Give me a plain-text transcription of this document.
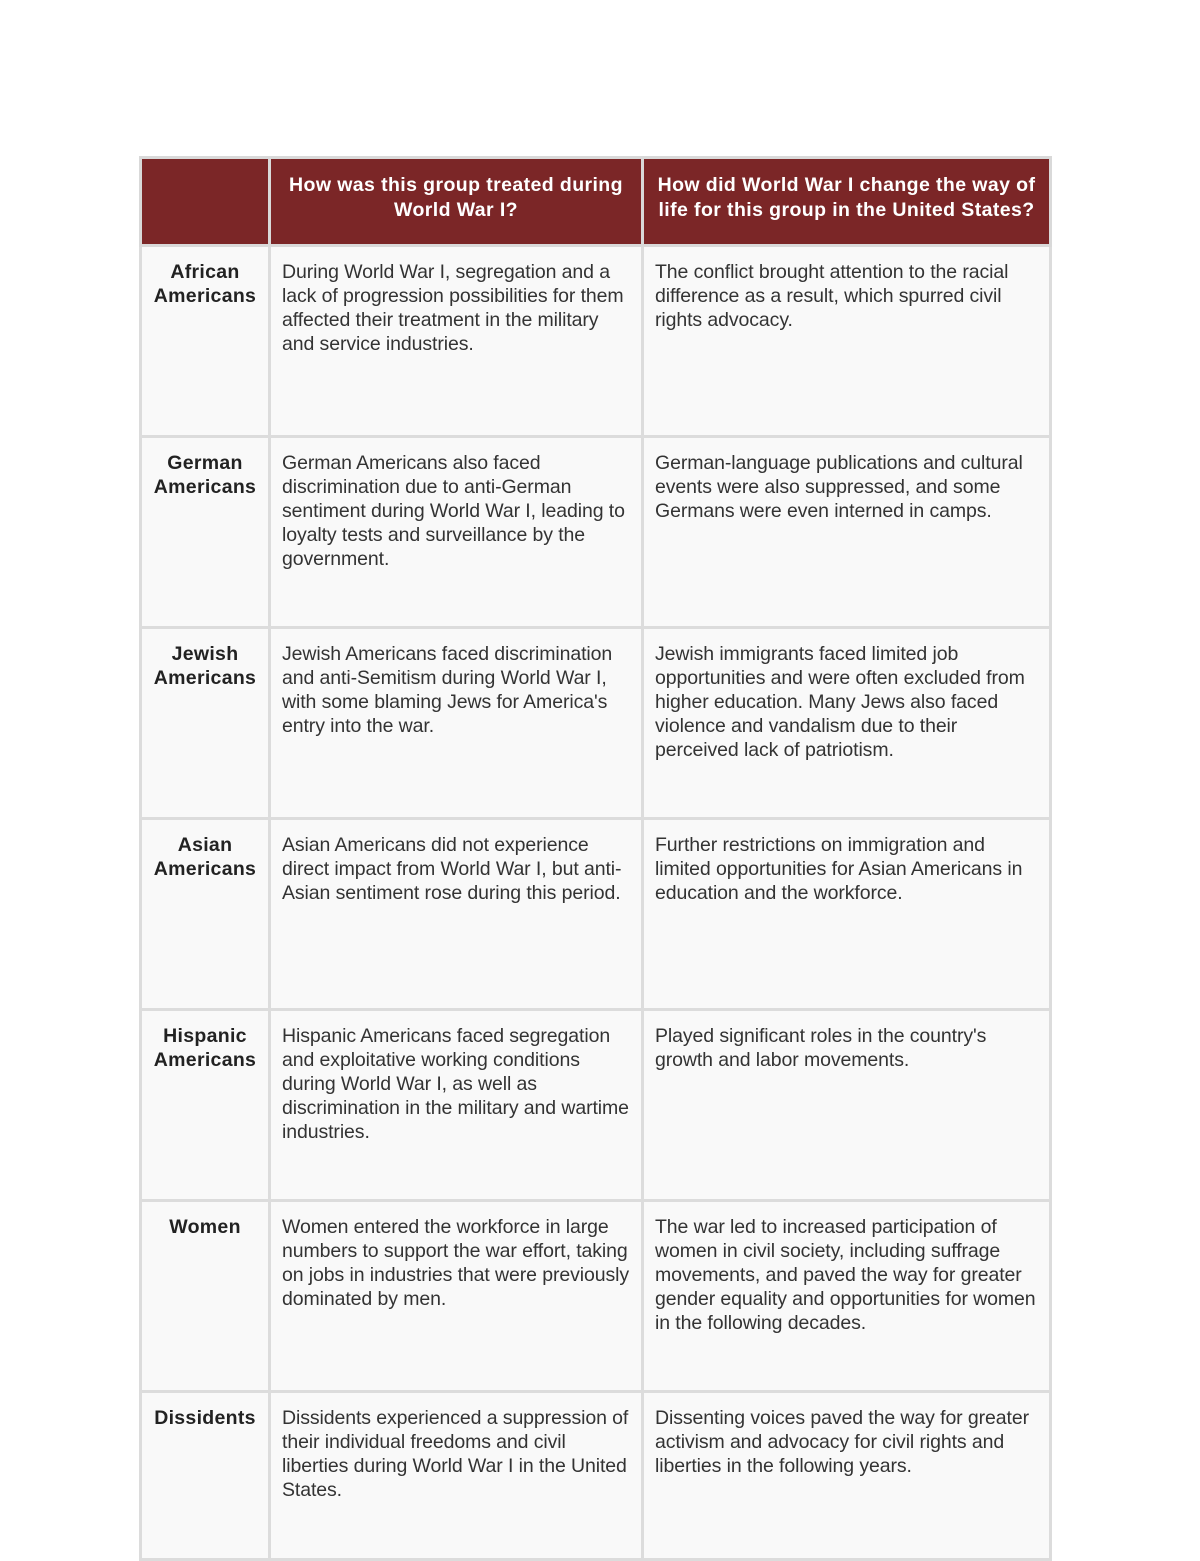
	How was this group treated during World War I?	How did World War I change the way of life for this group in the United States?

African Americans	During World War I, segregation and a lack of progression possibilities for them affected their treatment in the military and service industries.	The conflict brought attention to the racial difference as a result, which spurred civil rights advocacy.
German Americans	German Americans also faced discrimination due to anti-German sentiment during World War I, leading to loyalty tests and surveillance by the government.	German-language publications and cultural events were also suppressed, and some Germans were even interned in camps.
Jewish Americans	Jewish Americans faced discrimination and anti-Semitism during World War I, with some blaming Jews for America's entry into the war.	Jewish immigrants faced limited job opportunities and were often excluded from higher education. Many Jews also faced violence and vandalism due to their perceived lack of patriotism.
Asian Americans	Asian Americans did not experience direct impact from World War I, but anti-Asian sentiment rose during this period.	Further restrictions on immigration and limited opportunities for Asian Americans in education and the workforce.
Hispanic Americans	Hispanic Americans faced segregation and exploitative working conditions during World War I, as well as discrimination in the military and wartime industries.	Played significant roles in the country's growth and labor movements.
Women	Women entered the workforce in large numbers to support the war effort, taking on jobs in industries that were previously dominated by men.	The war led to increased participation of women in civil society, including suffrage movements, and paved the way for greater gender equality and opportunities for women in the following decades.
Dissidents	Dissidents experienced a suppression of their individual freedoms and civil liberties during World War I in the United States.	Dissenting voices paved the way for greater activism and advocacy for civil rights and liberties in the following years.
